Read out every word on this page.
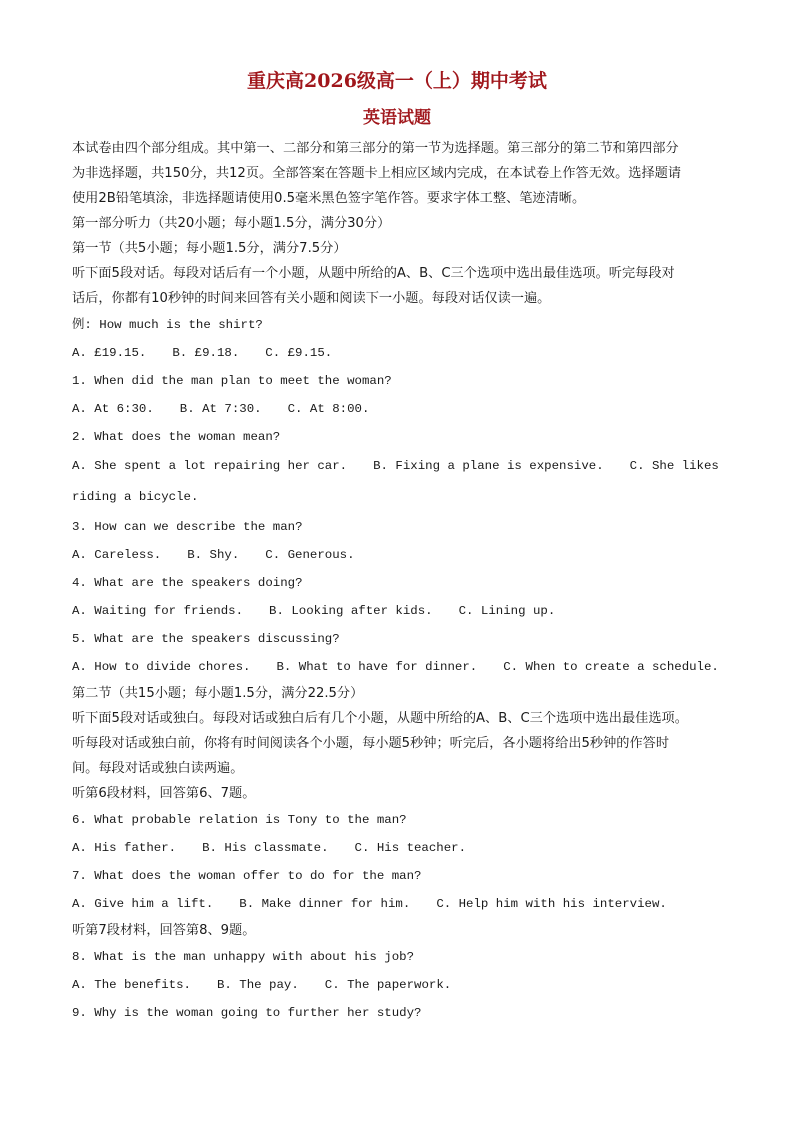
重庆高2026级高一（上）期中考试
英语试题

本试卷由四个部分组成。其中第一、二部分和第三部分的第一节为选择题。第三部分的第二节和第四部分

为非选择题，共150分，共12页。全部答案在答题卡上相应区域内完成，在本试卷上作答无效。选择题请

使用2B铅笔填涂，非选择题请使用0.5毫米黑色签字笔作答。要求字体工整、笔迹清晰。

第一部分听力（共20小题；每小题1.5分，满分30分）

第一节（共5小题；每小题1.5分，满分7.5分）

听下面5段对话。每段对话后有一个小题，从题中所给的A、B、C三个选项中选出最佳选项。听完每段对

话后，你都有10秒钟的时间来回答有关小题和阅读下一小题。每段对话仅读一遍。

例: How much is the shirt?

A. £19.15. B. £9.18. C. £9.15.

1. When did the man plan to meet the woman?

A. At 6:30. B. At 7:30. C. At 8:00.

2. What does the woman mean?

A. She spent a lot repairing her car. B. Fixing a plane is expensive. C. She likes riding a bicycle.

3. How can we describe the man?

A. Careless. B. Shy. C. Generous.

4. What are the speakers doing?

A. Waiting for friends. B. Looking after kids. C. Lining up.

5. What are the speakers discussing?

A. How to divide chores. B. What to have for dinner. C. When to create a schedule.

第二节（共15小题；每小题1.5分，满分22.5分）

听下面5段对话或独白。每段对话或独白后有几个小题，从题中所给的A、B、C三个选项中选出最佳选项。

听每段对话或独白前，你将有时间阅读各个小题，每小题5秒钟；听完后，各小题将给出5秒钟的作答时

间。每段对话或独白读两遍。

听第6段材料，回答第6、7题。

6. What probable relation is Tony to the man?

A. His father. B. His classmate. C. His teacher.

7. What does the woman offer to do for the man?

A. Give him a lift. B. Make dinner for him. C. Help him with his interview.

听第7段材料，回答第8、9题。

8. What is the man unhappy with about his job?

A. The benefits. B. The pay. C. The paperwork.

9. Why is the woman going to further her study?
